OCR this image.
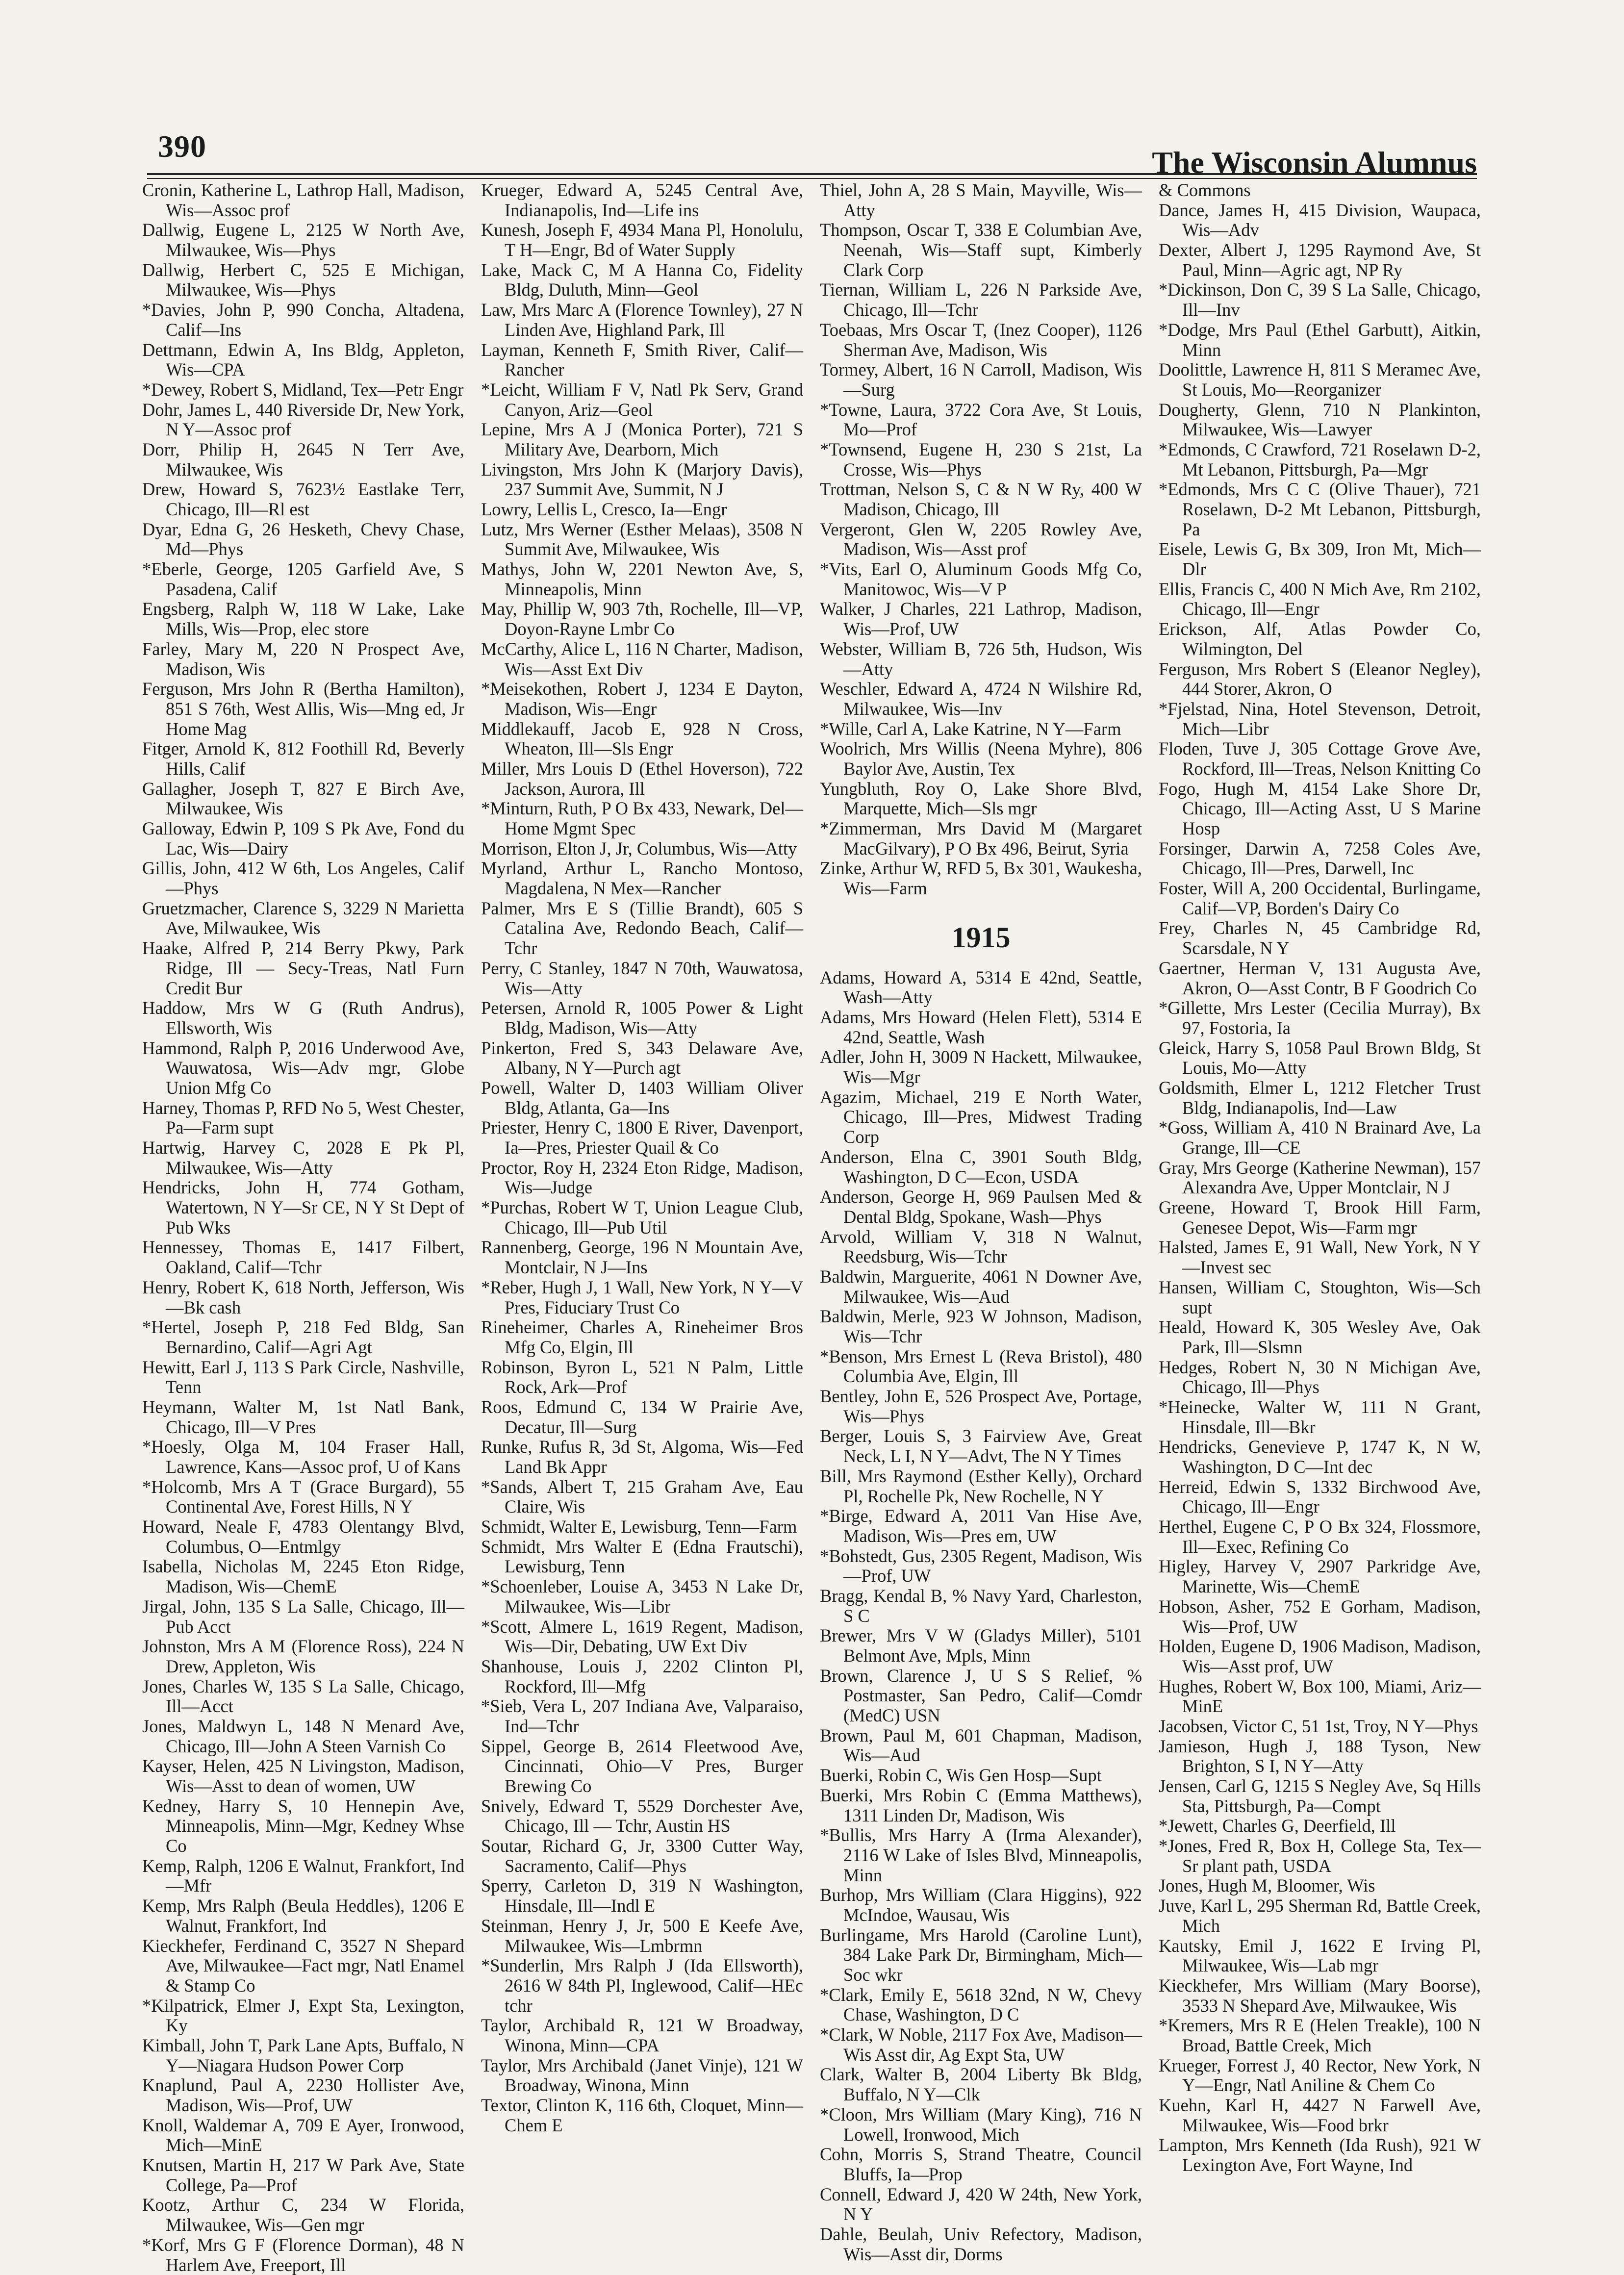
390	The Wisconsin Alumnus
Cronin, Katherine L, Lathrop Hall, Madison, Wis—Assoc prof
Dallwig, Eugene L, 2125 W North Ave, Milwaukee, Wis—Phys
Dallwig, Herbert C, 525 E Michigan, Milwaukee, Wis—Phys
*Davies, John P, 990 Concha, Altadena, Calif—Ins
Dettmann, Edwin A, Ins Bldg, Appleton, Wis—CPA
*Dewey, Robert S, Midland, Tex—Petr Engr
Dohr, James L, 440 Riverside Dr, New York, N Y—Assoc prof
Dorr, Philip H, 2645 N Terr Ave, Milwaukee, Wis
Drew, Howard S, 7623½ Eastlake Terr, Chicago, Ill—Rl est
Dyar, Edna G, 26 Hesketh, Chevy Chase, Md—Phys
*Eberle, George, 1205 Garfield Ave, S Pasadena, Calif
Engsberg, Ralph W, 118 W Lake, Lake Mills, Wis—Prop, elec store
Farley, Mary M, 220 N Prospect Ave, Madison, Wis
Ferguson, Mrs John R (Bertha Hamilton), 851 S 76th, West Allis, Wis—Mng ed, Jr Home Mag
Fitger, Arnold K, 812 Foothill Rd, Beverly Hills, Calif
Gallagher, Joseph T, 827 E Birch Ave, Milwaukee, Wis
Galloway, Edwin P, 109 S Pk Ave, Fond du Lac, Wis—Dairy
Gillis, John, 412 W 6th, Los Angeles, Calif—Phys
Gruetzmacher, Clarence S, 3229 N Marietta Ave, Milwaukee, Wis
Haake, Alfred P, 214 Berry Pkwy, Park Ridge, Ill — Secy-Treas, Natl Furn Credit Bur
Haddow, Mrs W G (Ruth Andrus), Ellsworth, Wis
Hammond, Ralph P, 2016 Underwood Ave, Wauwatosa, Wis—Adv mgr, Globe Union Mfg Co
Harney, Thomas P, RFD No 5, West Chester, Pa—Farm supt
Hartwig, Harvey C, 2028 E Pk Pl, Milwaukee, Wis—Atty
Hendricks, John H, 774 Gotham, Watertown, N Y—Sr CE, N Y St Dept of Pub Wks
Hennessey, Thomas E, 1417 Filbert, Oakland, Calif—Tchr
Henry, Robert K, 618 North, Jefferson, Wis—Bk cash
*Hertel, Joseph P, 218 Fed Bldg, San Bernardino, Calif—Agri Agt
Hewitt, Earl J, 113 S Park Circle, Nashville, Tenn
Heymann, Walter M, 1st Natl Bank, Chicago, Ill—V Pres
*Hoesly, Olga M, 104 Fraser Hall, Lawrence, Kans—Assoc prof, U of Kans
*Holcomb, Mrs A T (Grace Burgard), 55 Continental Ave, Forest Hills, N Y
Howard, Neale F, 4783 Olentangy Blvd, Columbus, O—Entmlgy
Isabella, Nicholas M, 2245 Eton Ridge, Madison, Wis—ChemE
Jirgal, John, 135 S La Salle, Chicago, Ill—Pub Acct
Johnston, Mrs A M (Florence Ross), 224 N Drew, Appleton, Wis
Jones, Charles W, 135 S La Salle, Chicago, Ill—Acct
Jones, Maldwyn L, 148 N Menard Ave, Chicago, Ill—John A Steen Varnish Co
Kayser, Helen, 425 N Livingston, Madison, Wis—Asst to dean of women, UW
Kedney, Harry S, 10 Hennepin Ave, Minneapolis, Minn—Mgr, Kedney Whse Co
Kemp, Ralph, 1206 E Walnut, Frankfort, Ind—Mfr
Kemp, Mrs Ralph (Beula Heddles), 1206 E Walnut, Frankfort, Ind
Kieckhefer, Ferdinand C, 3527 N Shepard Ave, Milwaukee—Fact mgr, Natl Enamel & Stamp Co
*Kilpatrick, Elmer J, Expt Sta, Lexington, Ky
Kimball, John T, Park Lane Apts, Buffalo, N Y—Niagara Hudson Power Corp
Knaplund, Paul A, 2230 Hollister Ave, Madison, Wis—Prof, UW
Knoll, Waldemar A, 709 E Ayer, Ironwood, Mich—MinE
Knutsen, Martin H, 217 W Park Ave, State College, Pa—Prof
Kootz, Arthur C, 234 W Florida, Milwaukee, Wis—Gen mgr
*Korf, Mrs G F (Florence Dorman), 48 N Harlem Ave, Freeport, Ill
Krueger, Edward A, 5245 Central Ave, Indianapolis, Ind—Life ins
Kunesh, Joseph F, 4934 Mana Pl, Honolulu, T H—Engr, Bd of Water Supply
Lake, Mack C, M A Hanna Co, Fidelity Bldg, Duluth, Minn—Geol
Law, Mrs Marc A (Florence Townley), 27 N Linden Ave, Highland Park, Ill
Layman, Kenneth F, Smith River, Calif—Rancher
*Leicht, William F V, Natl Pk Serv, Grand Canyon, Ariz—Geol
Lepine, Mrs A J (Monica Porter), 721 S Military Ave, Dearborn, Mich
Livingston, Mrs John K (Marjory Davis), 237 Summit Ave, Summit, N J
Lowry, Lellis L, Cresco, Ia—Engr
Lutz, Mrs Werner (Esther Melaas), 3508 N Summit Ave, Milwaukee, Wis
Mathys, John W, 2201 Newton Ave, S, Minneapolis, Minn
May, Phillip W, 903 7th, Rochelle, Ill—VP, Doyon-Rayne Lmbr Co
McCarthy, Alice L, 116 N Charter, Madison, Wis—Asst Ext Div
*Meisekothen, Robert J, 1234 E Dayton, Madison, Wis—Engr
Middlekauff, Jacob E, 928 N Cross, Wheaton, Ill—Sls Engr
Miller, Mrs Louis D (Ethel Hoverson), 722 Jackson, Aurora, Ill
*Minturn, Ruth, P O Bx 433, Newark, Del—Home Mgmt Spec
Morrison, Elton J, Jr, Columbus, Wis—Atty
Myrland, Arthur L, Rancho Montoso, Magdalena, N Mex—Rancher
Palmer, Mrs E S (Tillie Brandt), 605 S Catalina Ave, Redondo Beach, Calif—Tchr
Perry, C Stanley, 1847 N 70th, Wauwatosa, Wis—Atty
Petersen, Arnold R, 1005 Power & Light Bldg, Madison, Wis—Atty
Pinkerton, Fred S, 343 Delaware Ave, Albany, N Y—Purch agt
Powell, Walter D, 1403 William Oliver Bldg, Atlanta, Ga—Ins
Priester, Henry C, 1800 E River, Davenport, Ia—Pres, Priester Quail & Co
Proctor, Roy H, 2324 Eton Ridge, Madison, Wis—Judge
*Purchas, Robert W T, Union League Club, Chicago, Ill—Pub Util
Rannenberg, George, 196 N Mountain Ave, Montclair, N J—Ins
*Reber, Hugh J, 1 Wall, New York, N Y—V Pres, Fiduciary Trust Co
Rineheimer, Charles A, Rineheimer Bros Mfg Co, Elgin, Ill
Robinson, Byron L, 521 N Palm, Little Rock, Ark—Prof
Roos, Edmund C, 134 W Prairie Ave, Decatur, Ill—Surg
Runke, Rufus R, 3d St, Algoma, Wis—Fed Land Bk Appr
*Sands, Albert T, 215 Graham Ave, Eau Claire, Wis
Schmidt, Walter E, Lewisburg, Tenn—Farm
Schmidt, Mrs Walter E (Edna Frautschi), Lewisburg, Tenn
*Schoenleber, Louise A, 3453 N Lake Dr, Milwaukee, Wis—Libr
*Scott, Almere L, 1619 Regent, Madison, Wis—Dir, Debating, UW Ext Div
Shanhouse, Louis J, 2202 Clinton Pl, Rockford, Ill—Mfg
*Sieb, Vera L, 207 Indiana Ave, Valparaiso, Ind—Tchr
Sippel, George B, 2614 Fleetwood Ave, Cincinnati, Ohio—V Pres, Burger Brewing Co
Snively, Edward T, 5529 Dorchester Ave, Chicago, Ill — Tchr, Austin HS
Soutar, Richard G, Jr, 3300 Cutter Way, Sacramento, Calif—Phys
Sperry, Carleton D, 319 N Washington, Hinsdale, Ill—Indl E
Steinman, Henry J, Jr, 500 E Keefe Ave, Milwaukee, Wis—Lmbrmn
*Sunderlin, Mrs Ralph J (Ida Ellsworth), 2616 W 84th Pl, Inglewood, Calif—HEc tchr
Taylor, Archibald R, 121 W Broadway, Winona, Minn—CPA
Taylor, Mrs Archibald (Janet Vinje), 121 W Broadway, Winona, Minn
Textor, Clinton K, 116 6th, Cloquet, Minn—Chem E
Thiel, John A, 28 S Main, Mayville, Wis—Atty
Thompson, Oscar T, 338 E Columbian Ave, Neenah, Wis—Staff supt, Kimberly Clark Corp
Tiernan, William L, 226 N Parkside Ave, Chicago, Ill—Tchr
Toebaas, Mrs Oscar T, (Inez Cooper), 1126 Sherman Ave, Madison, Wis
Tormey, Albert, 16 N Carroll, Madison, Wis—Surg
*Towne, Laura, 3722 Cora Ave, St Louis, Mo—Prof
*Townsend, Eugene H, 230 S 21st, La Crosse, Wis—Phys
Trottman, Nelson S, C & N W Ry, 400 W Madison, Chicago, Ill
Vergeront, Glen W, 2205 Rowley Ave, Madison, Wis—Asst prof
*Vits, Earl O, Aluminum Goods Mfg Co, Manitowoc, Wis—V P
Walker, J Charles, 221 Lathrop, Madison, Wis—Prof, UW
Webster, William B, 726 5th, Hudson, Wis—Atty
Weschler, Edward A, 4724 N Wilshire Rd, Milwaukee, Wis—Inv
*Wille, Carl A, Lake Katrine, N Y—Farm
Woolrich, Mrs Willis (Neena Myhre), 806 Baylor Ave, Austin, Tex
Yungbluth, Roy O, Lake Shore Blvd, Marquette, Mich—Sls mgr
*Zimmerman, Mrs David M (Margaret MacGilvary), P O Bx 496, Beirut, Syria
Zinke, Arthur W, RFD 5, Bx 301, Waukesha, Wis—Farm
1915
Adams, Howard A, 5314 E 42nd, Seattle, Wash—Atty
Adams, Mrs Howard (Helen Flett), 5314 E 42nd, Seattle, Wash
Adler, John H, 3009 N Hackett, Milwaukee, Wis—Mgr
Agazim, Michael, 219 E North Water, Chicago, Ill—Pres, Midwest Trading Corp
Anderson, Elna C, 3901 South Bldg, Washington, D C—Econ, USDA
Anderson, George H, 969 Paulsen Med & Dental Bldg, Spokane, Wash—Phys
Arvold, William V, 318 N Walnut, Reedsburg, Wis—Tchr
Baldwin, Marguerite, 4061 N Downer Ave, Milwaukee, Wis—Aud
Baldwin, Merle, 923 W Johnson, Madison, Wis—Tchr
*Benson, Mrs Ernest L (Reva Bristol), 480 Columbia Ave, Elgin, Ill
Bentley, John E, 526 Prospect Ave, Portage, Wis—Phys
Berger, Louis S, 3 Fairview Ave, Great Neck, L I, N Y—Advt, The N Y Times
Bill, Mrs Raymond (Esther Kelly), Orchard Pl, Rochelle Pk, New Rochelle, N Y
*Birge, Edward A, 2011 Van Hise Ave, Madison, Wis—Pres em, UW
*Bohstedt, Gus, 2305 Regent, Madison, Wis—Prof, UW
Bragg, Kendal B, % Navy Yard, Charleston, S C
Brewer, Mrs V W (Gladys Miller), 5101 Belmont Ave, Mpls, Minn
Brown, Clarence J, U S S Relief, % Postmaster, San Pedro, Calif—Comdr (MedC) USN
Brown, Paul M, 601 Chapman, Madison, Wis—Aud
Buerki, Robin C, Wis Gen Hosp—Supt
Buerki, Mrs Robin C (Emma Matthews), 1311 Linden Dr, Madison, Wis
*Bullis, Mrs Harry A (Irma Alexander), 2116 W Lake of Isles Blvd, Minneapolis, Minn
Burhop, Mrs William (Clara Higgins), 922 McIndoe, Wausau, Wis
Burlingame, Mrs Harold (Caroline Lunt), 384 Lake Park Dr, Birmingham, Mich—Soc wkr
*Clark, Emily E, 5618 32nd, N W, Chevy Chase, Washington, D C
*Clark, W Noble, 2117 Fox Ave, Madison—Wis Asst dir, Ag Expt Sta, UW
Clark, Walter B, 2004 Liberty Bk Bldg, Buffalo, N Y—Clk
*Cloon, Mrs William (Mary King), 716 N Lowell, Ironwood, Mich
Cohn, Morris S, Strand Theatre, Council Bluffs, Ia—Prop
Connell, Edward J, 420 W 24th, New York, N Y
Dahle, Beulah, Univ Refectory, Madison, Wis—Asst dir, Dorms
& Commons
Dance, James H, 415 Division, Waupaca, Wis—Adv
Dexter, Albert J, 1295 Raymond Ave, St Paul, Minn—Agric agt, NP Ry
*Dickinson, Don C, 39 S La Salle, Chicago, Ill—Inv
*Dodge, Mrs Paul (Ethel Garbutt), Aitkin, Minn
Doolittle, Lawrence H, 811 S Meramec Ave, St Louis, Mo—Reorganizer
Dougherty, Glenn, 710 N Plankinton, Milwaukee, Wis—Lawyer
*Edmonds, C Crawford, 721 Roselawn D-2, Mt Lebanon, Pittsburgh, Pa—Mgr
*Edmonds, Mrs C C (Olive Thauer), 721 Roselawn, D-2 Mt Lebanon, Pittsburgh, Pa
Eisele, Lewis G, Bx 309, Iron Mt, Mich—Dlr
Ellis, Francis C, 400 N Mich Ave, Rm 2102, Chicago, Ill—Engr
Erickson, Alf, Atlas Powder Co, Wilmington, Del
Ferguson, Mrs Robert S (Eleanor Negley), 444 Storer, Akron, O
*Fjelstad, Nina, Hotel Stevenson, Detroit, Mich—Libr
Floden, Tuve J, 305 Cottage Grove Ave, Rockford, Ill—Treas, Nelson Knitting Co
Fogo, Hugh M, 4154 Lake Shore Dr, Chicago, Ill—Acting Asst, U S Marine Hosp
Forsinger, Darwin A, 7258 Coles Ave, Chicago, Ill—Pres, Darwell, Inc
Foster, Will A, 200 Occidental, Burlingame, Calif—VP, Borden's Dairy Co
Frey, Charles N, 45 Cambridge Rd, Scarsdale, N Y
Gaertner, Herman V, 131 Augusta Ave, Akron, O—Asst Contr, B F Goodrich Co
*Gillette, Mrs Lester (Cecilia Murray), Bx 97, Fostoria, Ia
Gleick, Harry S, 1058 Paul Brown Bldg, St Louis, Mo—Atty
Goldsmith, Elmer L, 1212 Fletcher Trust Bldg, Indianapolis, Ind—Law
*Goss, William A, 410 N Brainard Ave, La Grange, Ill—CE
Gray, Mrs George (Katherine Newman), 157 Alexandra Ave, Upper Montclair, N J
Greene, Howard T, Brook Hill Farm, Genesee Depot, Wis—Farm mgr
Halsted, James E, 91 Wall, New York, N Y—Invest sec
Hansen, William C, Stoughton, Wis—Sch supt
Heald, Howard K, 305 Wesley Ave, Oak Park, Ill—Slsmn
Hedges, Robert N, 30 N Michigan Ave, Chicago, Ill—Phys
*Heinecke, Walter W, 111 N Grant, Hinsdale, Ill—Bkr
Hendricks, Genevieve P, 1747 K, N W, Washington, D C—Int dec
Herreid, Edwin S, 1332 Birchwood Ave, Chicago, Ill—Engr
Herthel, Eugene C, P O Bx 324, Flossmore, Ill—Exec, Refining Co
Higley, Harvey V, 2907 Parkridge Ave, Marinette, Wis—ChemE
Hobson, Asher, 752 E Gorham, Madison, Wis—Prof, UW
Holden, Eugene D, 1906 Madison, Madison, Wis—Asst prof, UW
Hughes, Robert W, Box 100, Miami, Ariz—MinE
Jacobsen, Victor C, 51 1st, Troy, N Y—Phys
Jamieson, Hugh J, 188 Tyson, New Brighton, S I, N Y—Atty
Jensen, Carl G, 1215 S Negley Ave, Sq Hills Sta, Pittsburgh, Pa—Compt
*Jewett, Charles G, Deerfield, Ill
*Jones, Fred R, Box H, College Sta, Tex—Sr plant path, USDA
Jones, Hugh M, Bloomer, Wis
Juve, Karl L, 295 Sherman Rd, Battle Creek, Mich
Kautsky, Emil J, 1622 E Irving Pl, Milwaukee, Wis—Lab mgr
Kieckhefer, Mrs William (Mary Boorse), 3533 N Shepard Ave, Milwaukee, Wis
*Kremers, Mrs R E (Helen Treakle), 100 N Broad, Battle Creek, Mich
Krueger, Forrest J, 40 Rector, New York, N Y—Engr, Natl Aniline & Chem Co
Kuehn, Karl H, 4427 N Farwell Ave, Milwaukee, Wis—Food brkr
Lampton, Mrs Kenneth (Ida Rush), 921 W Lexington Ave, Fort Wayne, Ind
